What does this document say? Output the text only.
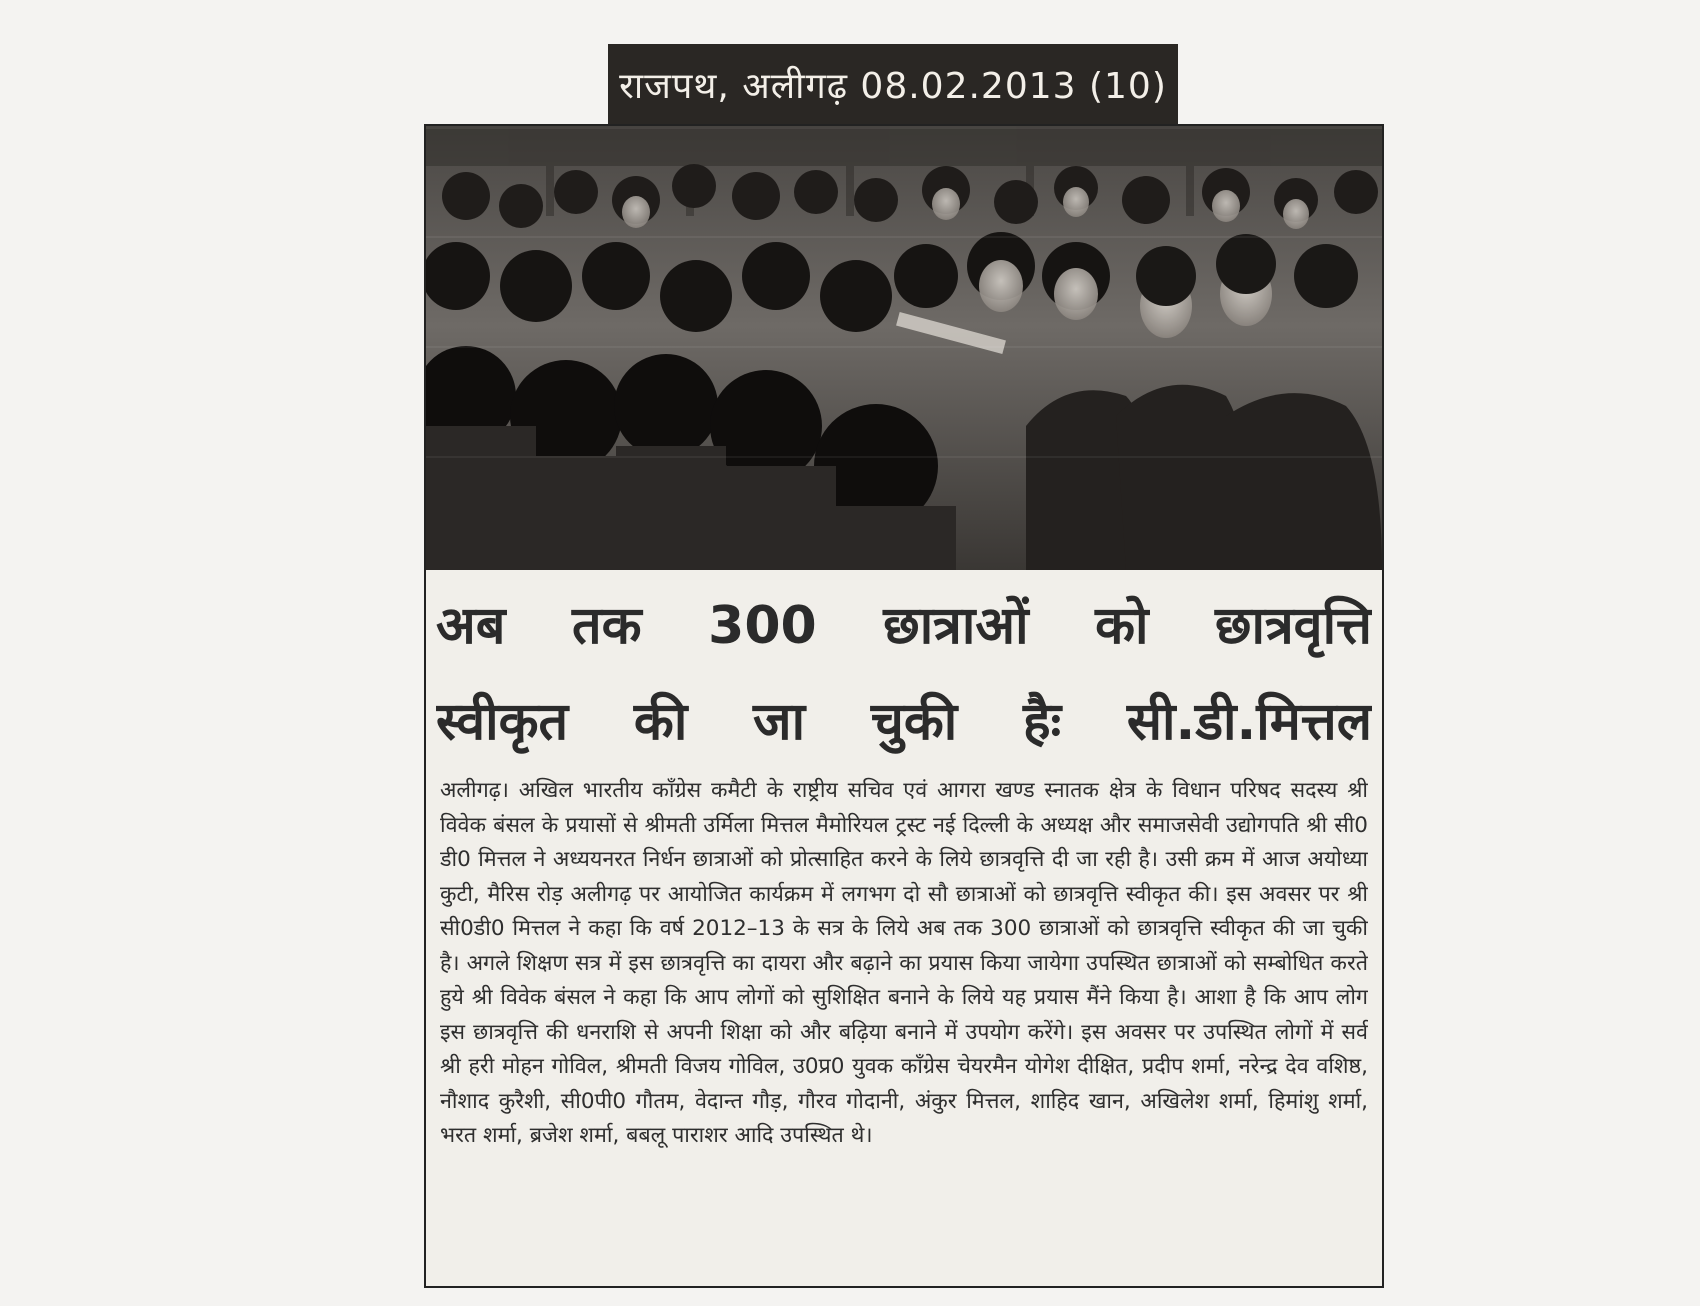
राजपथ, अलीगढ़ 08.02.2013 (10)
अब तक 300 छात्राओं को छात्रवृत्ति
स्वीकृत की जा चुकी हैः सी.डी.मित्तल
अलीगढ़। अखिल भारतीय कॉंग्रेस कमैटी के राष्ट्रीय सचिव एवं आगरा खण्ड स्नातक क्षेत्र के विधान परिषद सदस्य श्री विवेक बंसल के प्रयासों से श्रीमती उर्मिला मित्तल मैमोरियल ट्रस्ट नई दिल्ली के अध्यक्ष और समाजसेवी उद्योगपति श्री सी0 डी0 मित्तल ने अध्ययनरत निर्धन छात्राओं को प्रोत्साहित करने के लिये छात्रवृत्ति दी जा रही है। उसी क्रम में आज अयोध्या कुटी, मैरिस रोड़ अलीगढ़ पर आयोजित कार्यक्रम में लगभग दो सौ छात्राओं को छात्रवृत्ति स्वीकृत की। इस अवसर पर श्री सी0डी0 मित्तल ने कहा कि वर्ष 2012–13 के सत्र के लिये अब तक 300 छात्राओं को छात्रवृत्ति स्वीकृत की जा चुकी है। अगले शिक्षण सत्र में इस छात्रवृत्ति का दायरा और बढ़ाने का प्रयास किया जायेगा उपस्थित छात्राओं को सम्बोधित करते हुये श्री विवेक बंसल ने कहा कि आप लोगों को सुशिक्षित बनाने के लिये यह प्रयास मैंने किया है। आशा है कि आप लोग इस छात्रवृत्ति की धनराशि से अपनी शिक्षा को और बढ़िया बनाने में उपयोग करेंगे। इस अवसर पर उपस्थित लोगों में सर्व श्री हरी मोहन गोविल, श्रीमती विजय गोविल, उ0प्र0 युवक कॉंग्रेस चेयरमैन योगेश दीक्षित, प्रदीप शर्मा, नरेन्द्र देव वशिष्ठ, नौशाद कुरैशी, सी0पी0 गौतम, वेदान्त गौड़, गौरव गोदानी, अंकुर मित्तल, शाहिद खान, अखिलेश शर्मा, हिमांशु शर्मा, भरत शर्मा, ब्रजेश शर्मा, बबलू पाराशर आदि उपस्थित थे।
